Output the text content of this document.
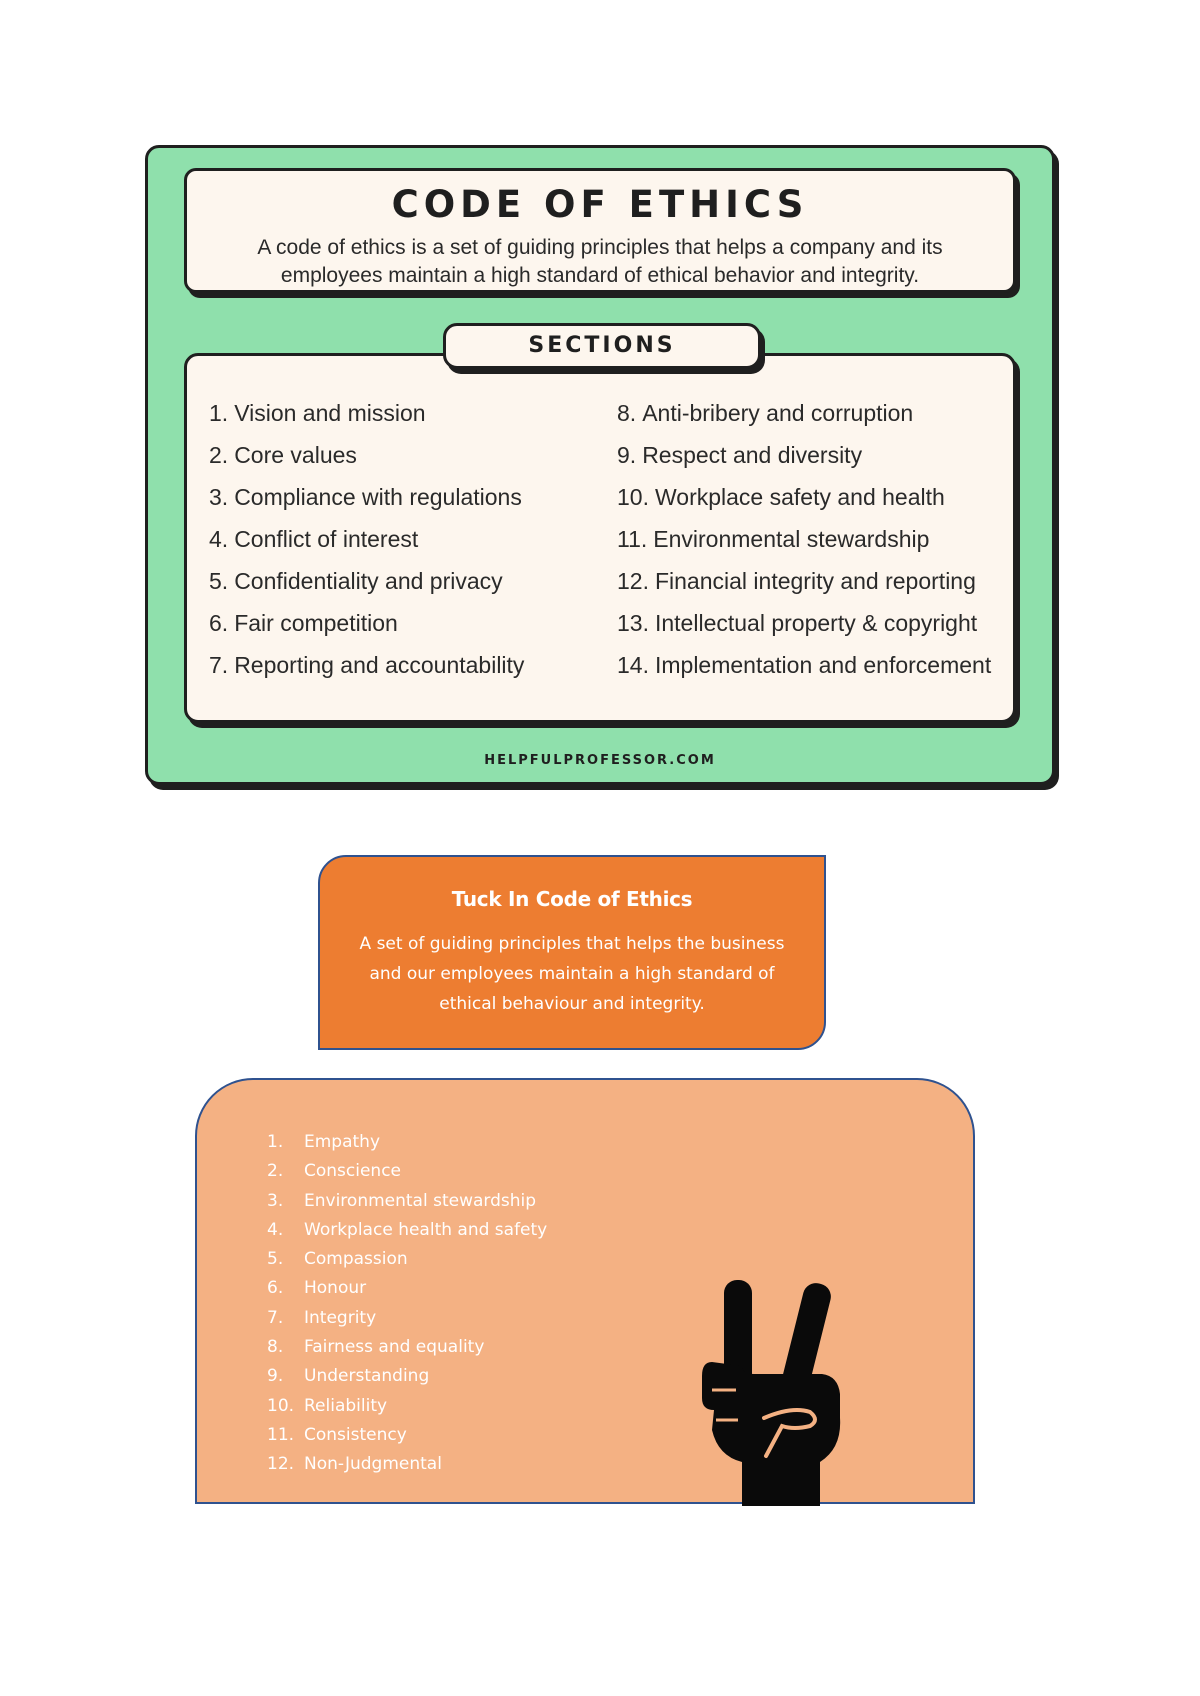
CODE OF ETHICS

A code of ethics is a set of guiding principles that helps a company and its employees maintain a high standard of ethical behavior and integrity.

SECTIONS
1. Vision and mission
2. Core values
3. Compliance with regulations
4. Conflict of interest
5. Confidentiality and privacy
6. Fair competition
7. Reporting and accountability
8. Anti-bribery and corruption
9. Respect and diversity
10. Workplace safety and health
11. Environmental stewardship
12. Financial integrity and reporting
13. Intellectual property & copyright
14. Implementation and enforcement
HELPFULPROFESSOR.COM
Tuck In Code of Ethics

A set of guiding principles that helps the business and our employees maintain a high standard of ethical behaviour and integrity.

1. Empathy
2. Conscience
3. Environmental stewardship
4. Workplace health and safety
5. Compassion
6. Honour
7. Integrity
8. Fairness and equality
9. Understanding
10. Reliability
11. Consistency
12. Non-Judgmental
